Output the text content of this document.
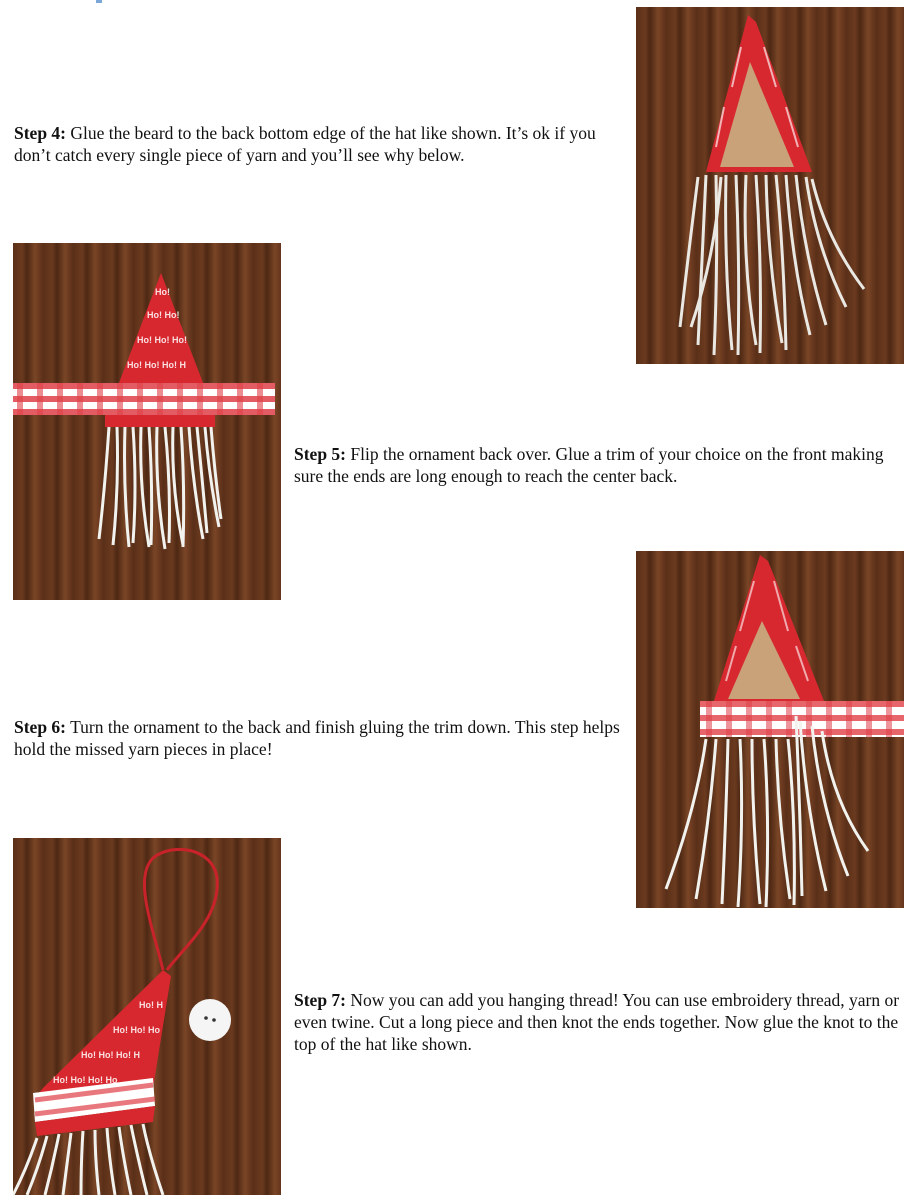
Step 4: Glue the beard to the back bottom edge of the hat like shown. It’s ok if you don’t catch every single piece of yarn and you’ll see why below.

Ho!
Ho! Ho!
Ho! Ho! Ho!
Ho! Ho! Ho! H

Step 5: Flip the ornament back over. Glue a trim of your choice on the front making sure the ends are long enough to reach the center back.

Step 6: Turn the ornament to the back and finish gluing the trim down. This step helps hold the missed yarn pieces in place!

Ho! H
Ho! Ho! Ho
Ho! Ho! Ho! H
Ho! Ho! Ho! Ho

Step 7: Now you can add you hanging thread! You can use embroidery thread, yarn or even twine. Cut a long piece and then knot the ends together. Now glue the knot to the top of the hat like shown.
